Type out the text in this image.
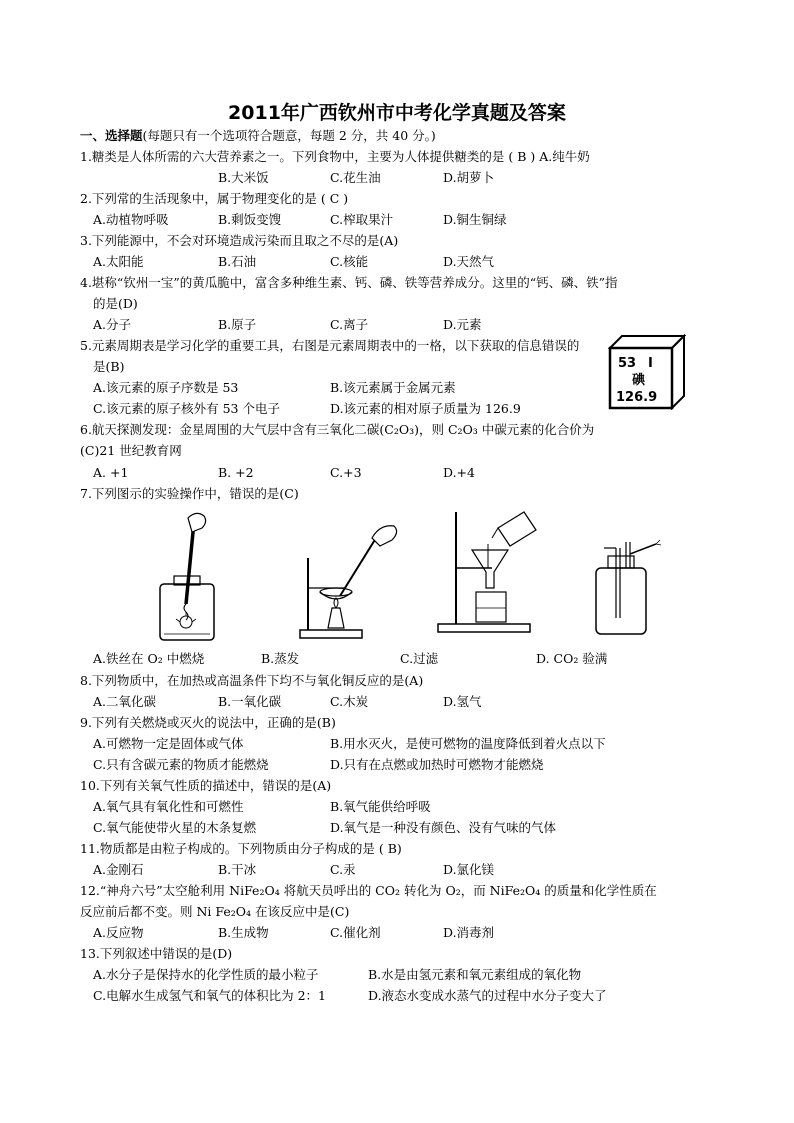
2011年广西钦州市中考化学真题及答案
一、选择题(每题只有一个选项符合题意，每题 2 分，共 40 分。)
1.糖类是人体所需的六大营养素之一。下列食物中，主要为人体提供糖类的是 ( B ) A.纯牛奶
B.大米饭	C.花生油	D.胡萝卜
2.下列常的生活现象中，属于物理变化的是 ( C )
A.动植物呼吸	B.剩饭变馊	C.榨取果汁	D.铜生铜绿
3.下列能源中，不会对环境造成污染而且取之不尽的是(A)
A.太阳能	B.石油	C.核能	D.天然气
4.堪称“钦州一宝”的黄瓜脆中，富含多种维生素、钙、磷、铁等营养成分。这里的“钙、磷、铁”指
的是(D)
A.分子	B.原子	C.离子	D.元素
5.元素周期表是学习化学的重要工具，右图是元素周期表中的一格，以下获取的信息错误的
是(B)
A.该元素的原子序数是 53	B.该元素属于金属元素
C.该元素的原子核外有 53 个电子	D.该元素的相对原子质量为 126.9
53 I
碘
126.9
6.航天探测发现：金星周围的大气层中含有三氧化二碳(C₂O₃)，则 C₂O₃ 中碳元素的化合价为
(C)21 世纪教育网
A. +1	B. +2	C.+3	D.+4
7.下列图示的实验操作中，错误的是(C)
A.铁丝在 O₂ 中燃烧	B.蒸发	C.过滤	D. CO₂ 验满
8.下列物质中，在加热或高温条件下均不与氧化铜反应的是(A)
A.二氧化碳	B.一氧化碳	C.木炭	D.氢气
9.下列有关燃烧或灭火的说法中，正确的是(B)
A.可燃物一定是固体或气体	B.用水灭火，是使可燃物的温度降低到着火点以下
C.只有含碳元素的物质才能燃烧	D.只有在点燃或加热时可燃物才能燃烧
10.下列有关氧气性质的描述中，错误的是(A)
A.氧气具有氧化性和可燃性	B.氧气能供给呼吸
C.氧气能使带火星的木条复燃	D.氧气是一种没有颜色、没有气味的气体
11.物质都是由粒子构成的。下列物质由分子构成的是 ( B)
A.金刚石	B.干冰	C.汞	D.氯化镁
12.“神舟六号”太空舱利用 NiFe₂O₄ 将航天员呼出的 CO₂ 转化为 O₂，而 NiFe₂O₄ 的质量和化学性质在
反应前后都不变。则 Ni Fe₂O₄ 在该反应中是(C)
A.反应物	B.生成物	C.催化剂	D.消毒剂
13.下列叙述中错误的是(D)
A.水分子是保持水的化学性质的最小粒子	B.水是由氢元素和氧元素组成的氧化物
C.电解水生成氢气和氧气的体积比为 2：1	D.液态水变成水蒸气的过程中水分子变大了
